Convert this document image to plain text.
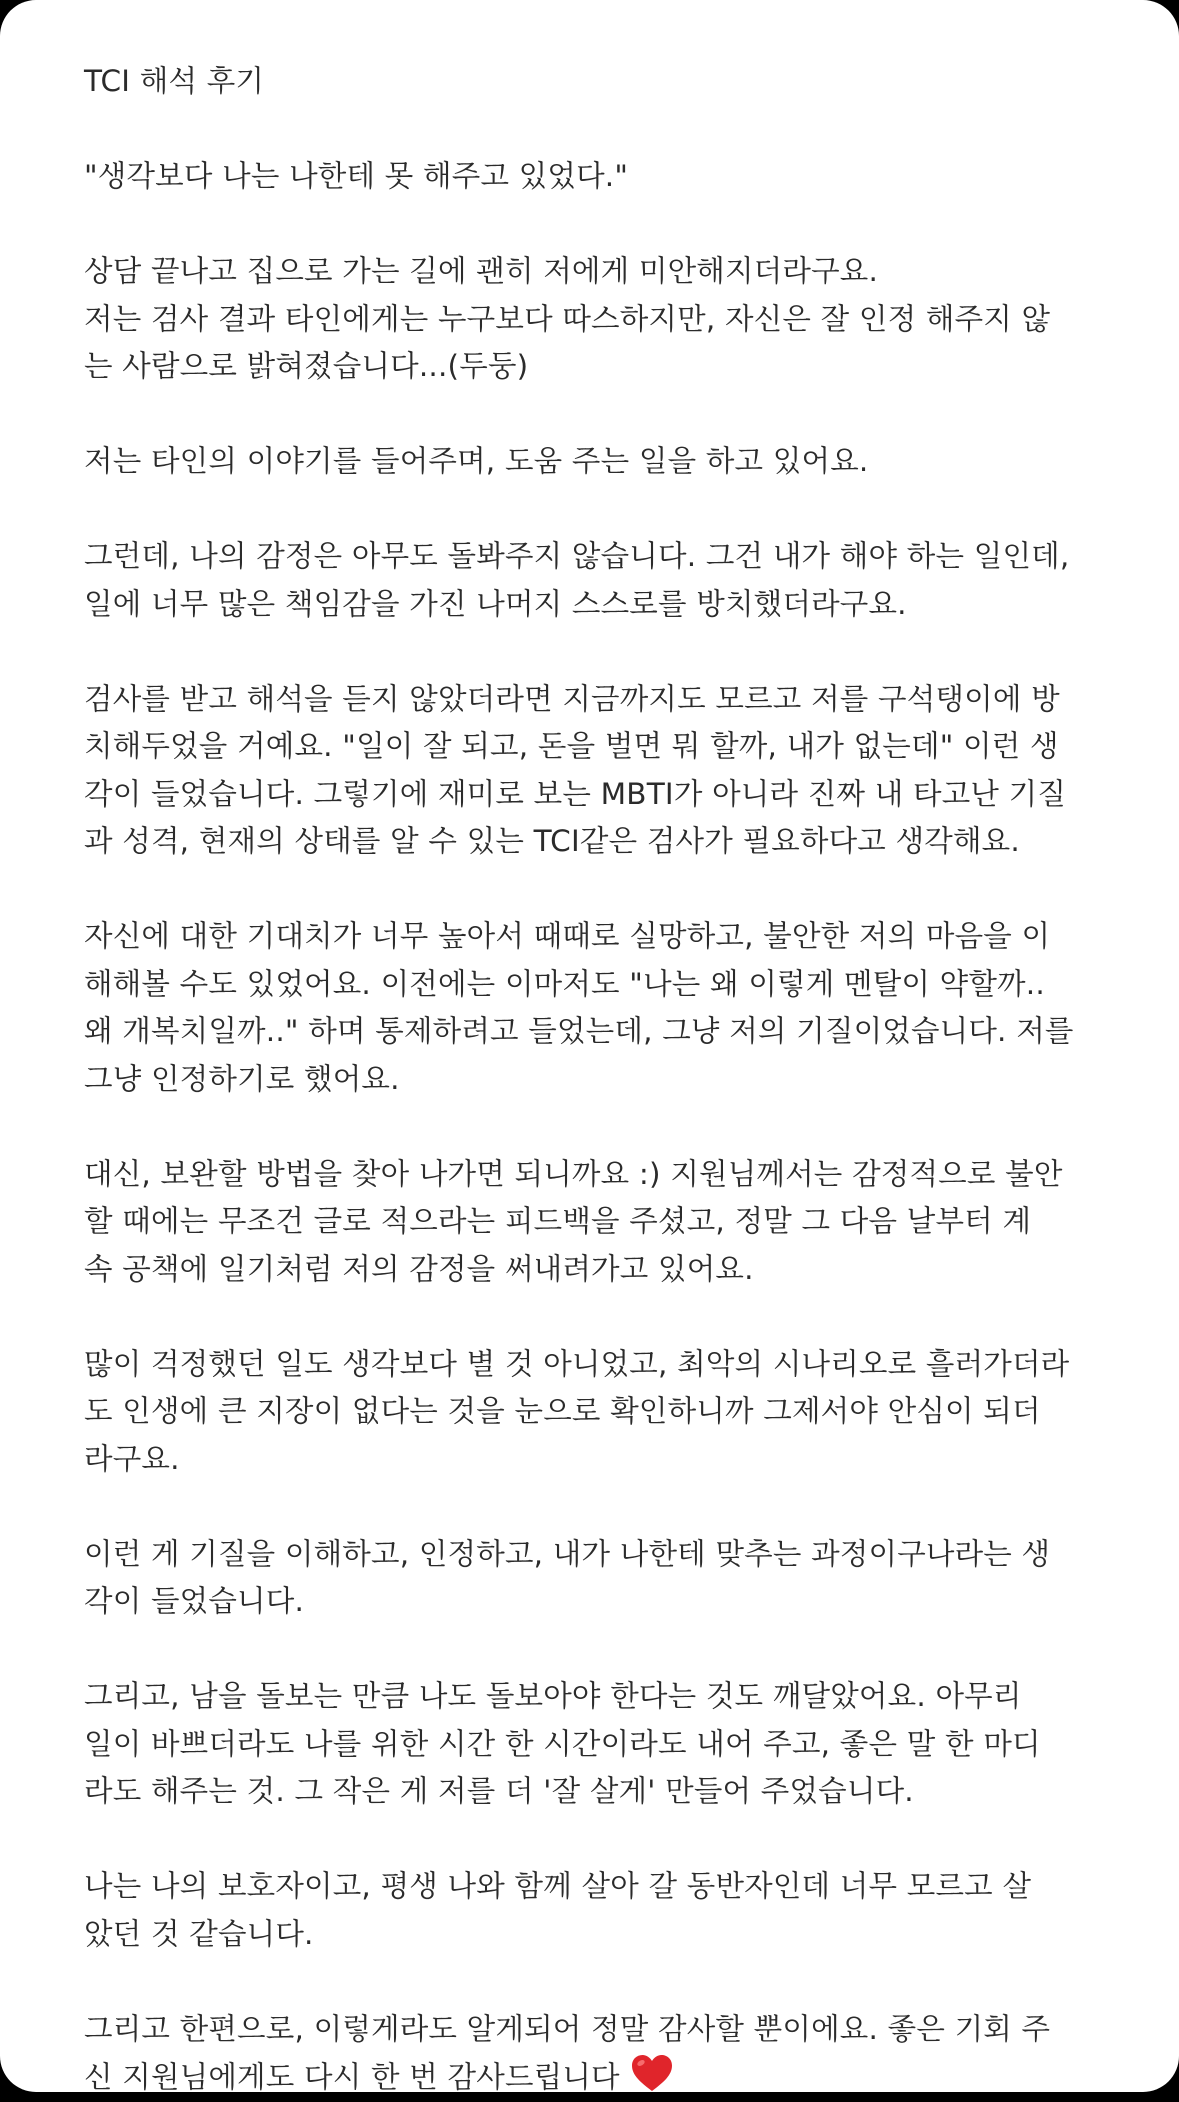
TCI 해석 후기
"생각보다 나는 나한테 못 해주고 있었다."
상담 끝나고 집으로 가는 길에 괜히 저에게 미안해지더라구요.
저는 검사 결과 타인에게는 누구보다 따스하지만, 자신은 잘 인정 해주지 않
는 사람으로 밝혀졌습니다...(두둥)
저는 타인의 이야기를 들어주며, 도움 주는 일을 하고 있어요.
그런데, 나의 감정은 아무도 돌봐주지 않습니다. 그건 내가 해야 하는 일인데,
일에 너무 많은 책임감을 가진 나머지 스스로를 방치했더라구요.
검사를 받고 해석을 듣지 않았더라면 지금까지도 모르고 저를 구석탱이에 방
치해두었을 거예요. "일이 잘 되고, 돈을 벌면 뭐 할까, 내가 없는데" 이런 생
각이 들었습니다. 그렇기에 재미로 보는 MBTI가 아니라 진짜 내 타고난 기질
과 성격, 현재의 상태를 알 수 있는 TCI같은 검사가 필요하다고 생각해요.
자신에 대한 기대치가 너무 높아서 때때로 실망하고, 불안한 저의 마음을 이
해해볼 수도 있었어요. 이전에는 이마저도 "나는 왜 이렇게 멘탈이 약할까..
왜 개복치일까.." 하며 통제하려고 들었는데, 그냥 저의 기질이었습니다. 저를
그냥 인정하기로 했어요.
대신, 보완할 방법을 찾아 나가면 되니까요 :) 지원님께서는 감정적으로 불안
할 때에는 무조건 글로 적으라는 피드백을 주셨고, 정말 그 다음 날부터 계
속 공책에 일기처럼 저의 감정을 써내려가고 있어요.
많이 걱정했던 일도 생각보다 별 것 아니었고, 최악의 시나리오로 흘러가더라
도 인생에 큰 지장이 없다는 것을 눈으로 확인하니까 그제서야 안심이 되더
라구요.
이런 게 기질을 이해하고, 인정하고, 내가 나한테 맞추는 과정이구나라는 생
각이 들었습니다.
그리고, 남을 돌보는 만큼 나도 돌보아야 한다는 것도 깨달았어요. 아무리
일이 바쁘더라도 나를 위한 시간 한 시간이라도 내어 주고, 좋은 말 한 마디
라도 해주는 것. 그 작은 게 저를 더 '잘 살게' 만들어 주었습니다.
나는 나의 보호자이고, 평생 나와 함께 살아 갈 동반자인데 너무 모르고 살
았던 것 같습니다.
그리고 한편으로, 이렇게라도 알게되어 정말 감사할 뿐이에요. 좋은 기회 주
신 지원님에게도 다시 한 번 감사드립니다
